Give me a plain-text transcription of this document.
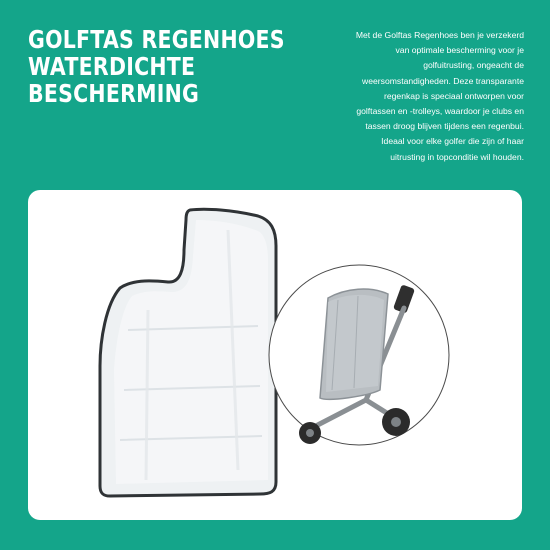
GOLFTAS REGENHOES
WATERDICHTE
BESCHERMING

Met de Golftas Regenhoes ben je verzekerd van optimale bescherming voor je golfuitrusting, ongeacht de weersomstandigheden. Deze transparante regenkap is speciaal ontworpen voor golftassen en -trolleys, waardoor je clubs en tassen droog blijven tijdens een regenbui. Ideaal voor elke golfer die zijn of haar uitrusting in topconditie wil houden.
